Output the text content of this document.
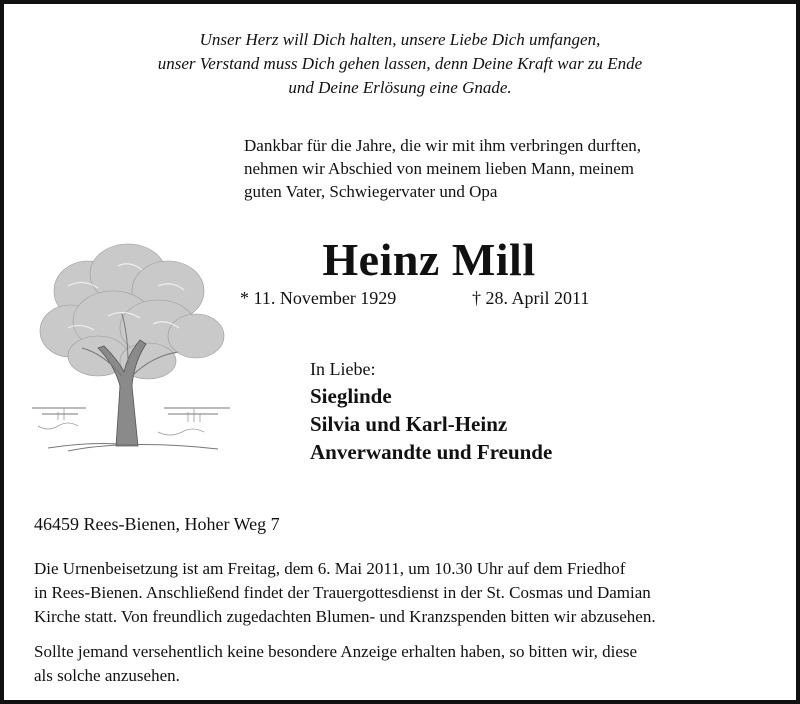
Unser Herz will Dich halten, unsere Liebe Dich umfangen,
unser Verstand muss Dich gehen lassen, denn Deine Kraft war zu Ende
und Deine Erlösung eine Gnade.
Dankbar für die Jahre, die wir mit ihm verbringen durften,
nehmen wir Abschied von meinem lieben Mann, meinem
guten Vater, Schwiegervater und Opa
Heinz Mill
* 11. November 1929	† 28. April 2011
In Liebe:
Sieglinde
Silvia und Karl-Heinz
Anverwandte und Freunde
46459 Rees-Bienen, Hoher Weg 7
Die Urnenbeisetzung ist am Freitag, dem 6. Mai 2011, um 10.30 Uhr auf dem Friedhof
in Rees-Bienen. Anschließend findet der Trauergottesdienst in der St. Cosmas und Damian
Kirche statt. Von freundlich zugedachten Blumen- und Kranzspenden bitten wir abzusehen.
Sollte jemand versehentlich keine besondere Anzeige erhalten haben, so bitten wir, diese
als solche anzusehen.
